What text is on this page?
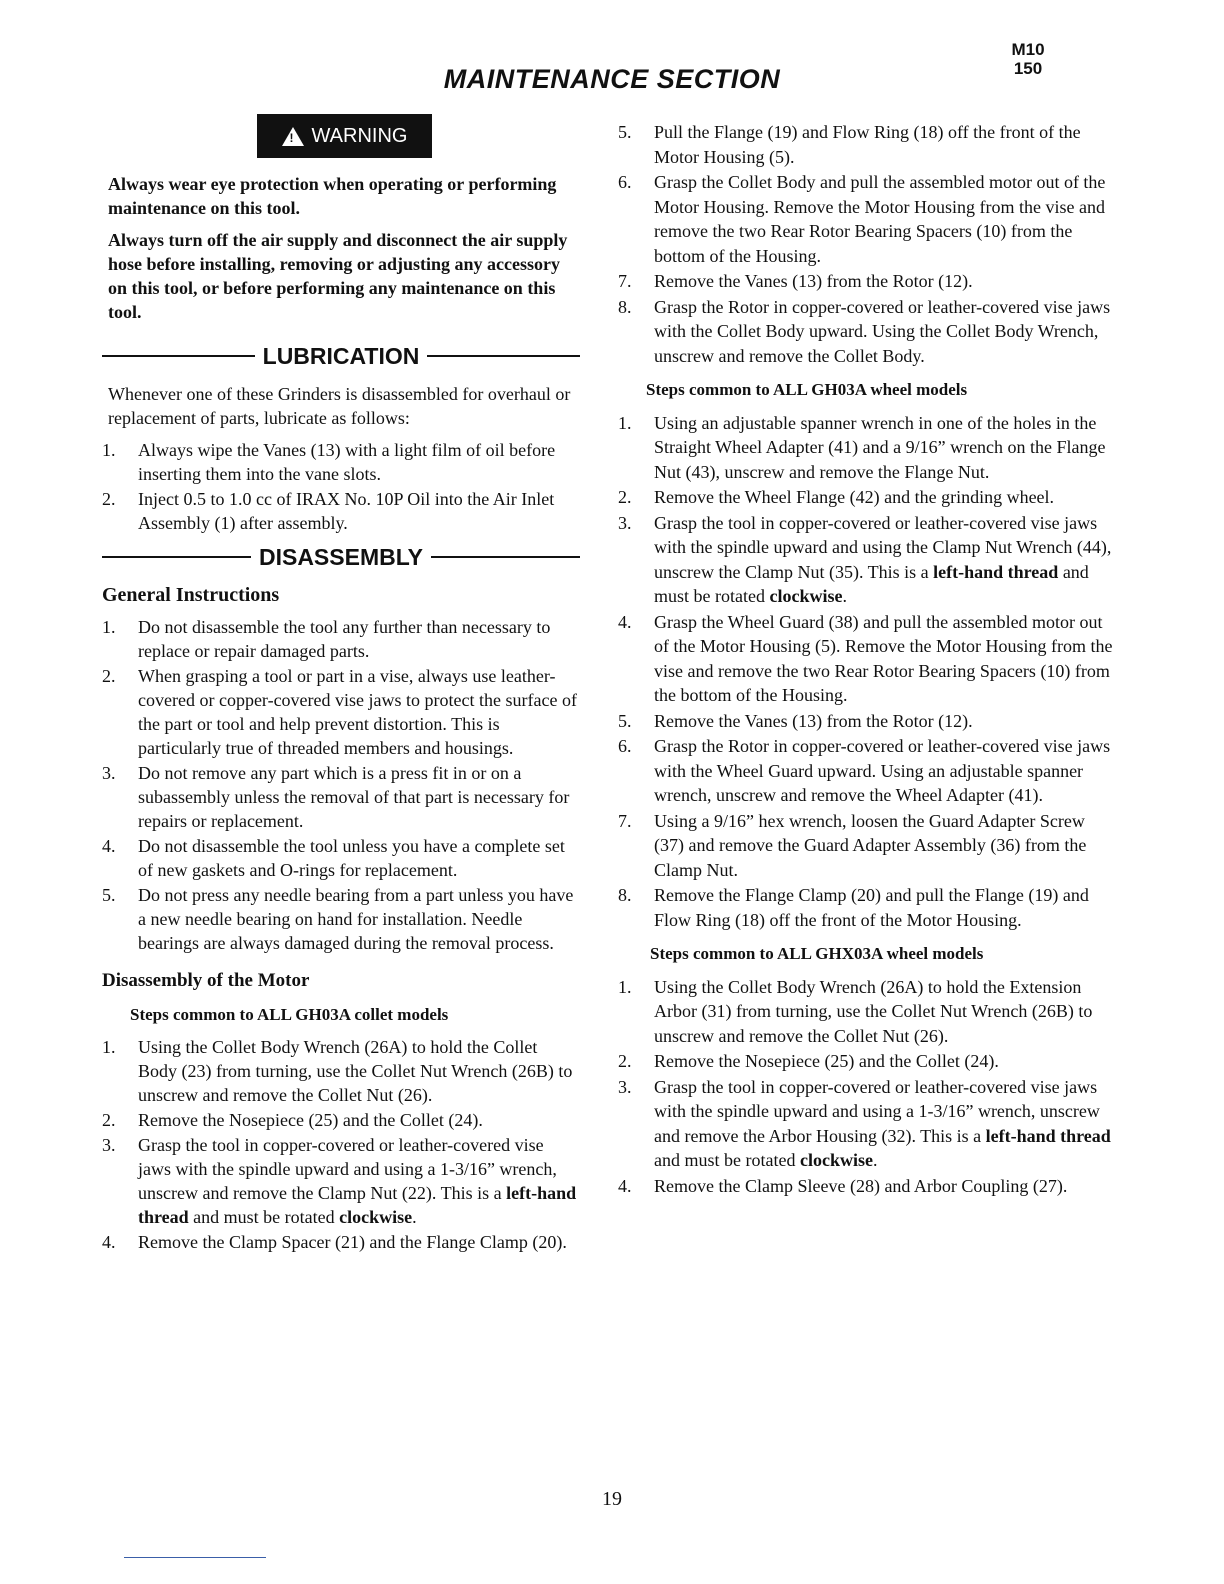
M10
150
MAINTENANCE SECTION
! WARNING
Always wear eye protection when operating or performing maintenance on this tool.
Always turn off the air supply and disconnect the air supply hose before installing, removing or adjusting any accessory on this tool, or before performing any maintenance on this tool.
LUBRICATION
Whenever one of these Grinders is disassembled for overhaul or replacement of parts, lubricate as follows:
1.	Always wipe the Vanes (13) with a light film of oil before inserting them into the vane slots.
2.	Inject 0.5 to 1.0 cc of IRAX No. 10P Oil into the Air Inlet Assembly (1) after assembly.
DISASSEMBLY
General Instructions
1.	Do not disassemble the tool any further than necessary to replace or repair damaged parts.
2.	When grasping a tool or part in a vise, always use leather-covered or copper-covered vise jaws to protect the surface of the part or tool and help prevent distortion. This is particularly true of threaded members and housings.
3.	Do not remove any part which is a press fit in or on a subassembly unless the removal of that part is necessary for repairs or replacement.
4.	Do not disassemble the tool unless you have a complete set of new gaskets and O-rings for replacement.
5.	Do not press any needle bearing from a part unless you have a new needle bearing on hand for installation. Needle bearings are always damaged during the removal process.
Disassembly of the Motor
Steps common to ALL GH03A collet models
1.	Using the Collet Body Wrench (26A) to hold the Collet Body (23) from turning, use the Collet Nut Wrench (26B) to unscrew and remove the Collet Nut (26).
2.	Remove the Nosepiece (25) and the Collet (24).
3.	Grasp the tool in copper-covered or leather-covered vise jaws with the spindle upward and using a 1-3/16” wrench, unscrew and remove the Clamp Nut (22). This is a left-hand thread and must be rotated clockwise.
4.	Remove the Clamp Spacer (21) and the Flange Clamp (20).
5.	Pull the Flange (19) and Flow Ring (18) off the front of the Motor Housing (5).
6.	Grasp the Collet Body and pull the assembled motor out of the Motor Housing. Remove the Motor Housing from the vise and remove the two Rear Rotor Bearing Spacers (10) from the bottom of the Housing.
7.	Remove the Vanes (13) from the Rotor (12).
8.	Grasp the Rotor in copper-covered or leather-covered vise jaws with the Collet Body upward. Using the Collet Body Wrench, unscrew and remove the Collet Body.
Steps common to ALL GH03A wheel models
1.	Using an adjustable spanner wrench in one of the holes in the Straight Wheel Adapter (41) and a 9/16” wrench on the Flange Nut (43), unscrew and remove the Flange Nut.
2.	Remove the Wheel Flange (42) and the grinding wheel.
3.	Grasp the tool in copper-covered or leather-covered vise jaws with the spindle upward and using the Clamp Nut Wrench (44), unscrew the Clamp Nut (35). This is a left-hand thread and must be rotated clockwise.
4.	Grasp the Wheel Guard (38) and pull the assembled motor out of the Motor Housing (5). Remove the Motor Housing from the vise and remove the two Rear Rotor Bearing Spacers (10) from the bottom of the Housing.
5.	Remove the Vanes (13) from the Rotor (12).
6.	Grasp the Rotor in copper-covered or leather-covered vise jaws with the Wheel Guard upward. Using an adjustable spanner wrench, unscrew and remove the Wheel Adapter (41).
7.	Using a 9/16” hex wrench, loosen the Guard Adapter Screw (37) and remove the Guard Adapter Assembly (36) from the Clamp Nut.
8.	Remove the Flange Clamp (20) and pull the Flange (19) and Flow Ring (18) off the front of the Motor Housing.
Steps common to ALL GHX03A wheel models
1.	Using the Collet Body Wrench (26A) to hold the Extension Arbor (31) from turning, use the Collet Nut Wrench (26B) to unscrew and remove the Collet Nut (26).
2.	Remove the Nosepiece (25) and the Collet (24).
3.	Grasp the tool in copper-covered or leather-covered vise jaws with the spindle upward and using a 1-3/16” wrench, unscrew and remove the Arbor Housing (32). This is a left-hand thread and must be rotated clockwise.
4.	Remove the Clamp Sleeve (28) and Arbor Coupling (27).
19
